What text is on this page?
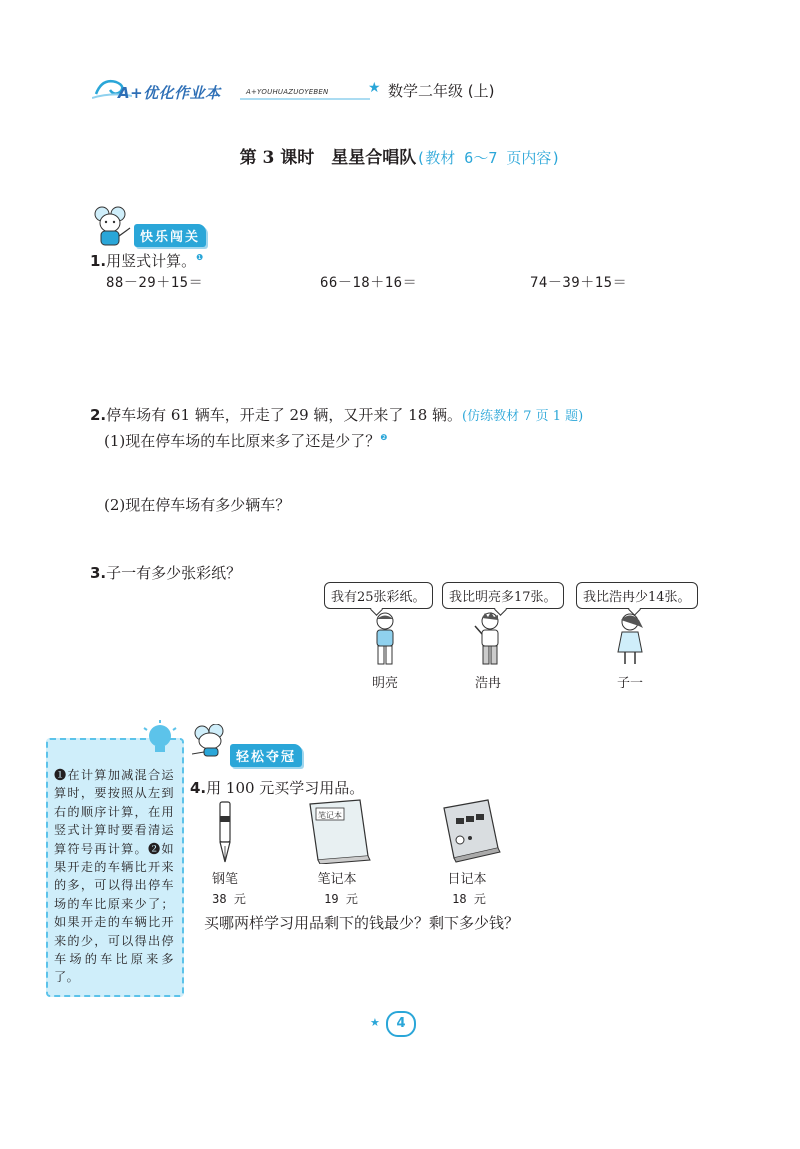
A+优化作业本	A+YOUHUAZUOYEBEN	★ 数学二年级 (上)
第 3 课时　星星合唱队(教材 6～7 页内容)
快乐闯关
1.用竖式计算。$^❶$
88－29＋15＝	66－18＋16＝	74－39＋15＝
2.停车场有 61 辆车，开走了 29 辆，又开来了 18 辆。(仿练教材 7 页 1 题)
(1)现在停车场的车比原来多了还是少了？$^❷$
(2)现在停车场有多少辆车？
3.子一有多少张彩纸？
我有25张彩纸。	我比明亮多17张。	我比浩冉少14张。
明亮	浩冉	子一
❶在计算加减混合运算时，要按照从左到右的顺序计算，在用竖式计算时要看清运算符号再计算。❷如果开走的车辆比开来的多，可以得出停车场的车比原来少了；如果开走的车辆比开来的少，可以得出停车场的车比原来多了。
轻松夺冠
4.用 100 元买学习用品。
笔记本
钢笔	笔记本	日记本
38 元	19 元	18 元
买哪两样学习用品剩下的钱最少？剩下多少钱？
★	4
